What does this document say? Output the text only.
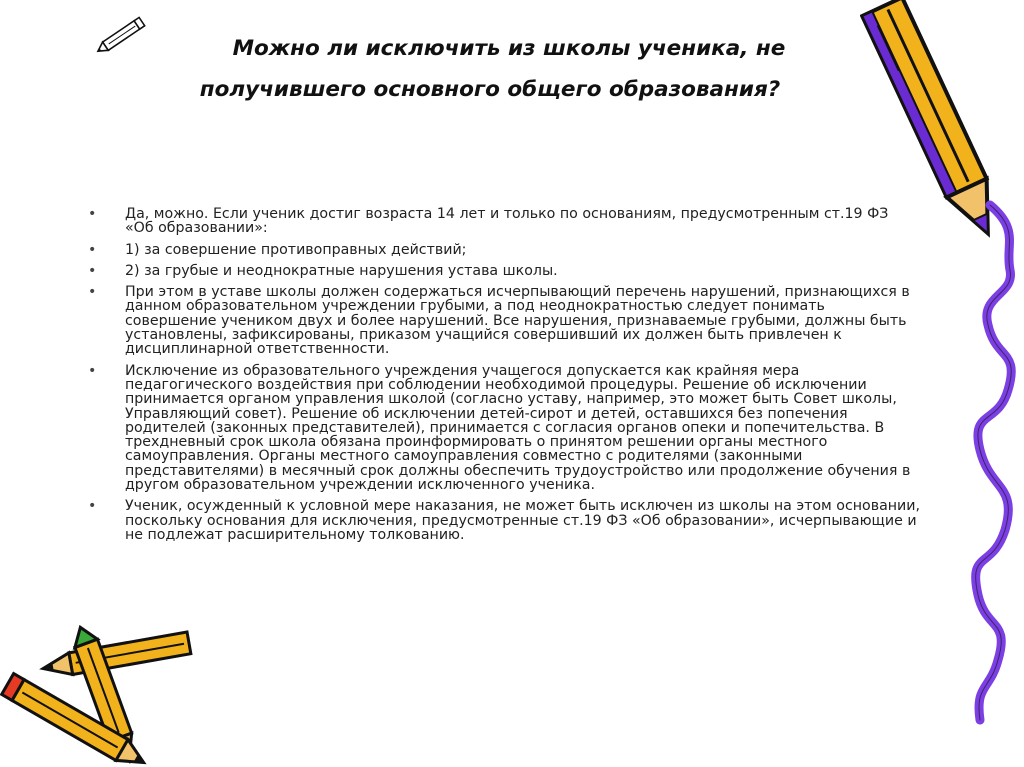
Можно ли исключить из школы ученика, не
получившего основного общего образования?
• Да, можно. Если ученик достиг возраста 14 лет и только по основаниям, предусмотренным ст.19 ФЗ «Об образовании»:
• 1) за совершение противоправных действий;
• 2) за грубые и неоднократные нарушения устава школы.
• При этом в уставе школы должен содержаться исчерпывающий перечень нарушений, признающихся в данном образовательном учреждении грубыми, а под неоднократностью следует понимать совершение учеником двух и более нарушений. Все нарушения, признаваемые грубыми, должны быть установлены, зафиксированы, приказом учащийся совершивший их должен быть привлечен к дисциплинарной ответственности.
• Исключение из образовательного учреждения учащегося допускается как крайняя мера педагогического воздействия при соблюдении необходимой процедуры. Решение об исключении принимается органом управления школой (согласно уставу, например, это может быть Совет школы, Управляющий совет). Решение об исключении детей-сирот и детей, оставшихся без попечения родителей (законных представителей), принимается с согласия органов опеки и попечительства. В трехдневный срок школа обязана проинформировать о принятом решении органы местного самоуправления. Органы местного самоуправления совместно с родителями (законными представителями) в месячный срок должны обеспечить трудоустройство или продолжение обучения в другом образовательном учреждении исключенного ученика.
• Ученик, осужденный к условной мере наказания, не может быть исключен из школы на этом основании, поскольку основания для исключения, предусмотренные ст.19 ФЗ «Об образовании», исчерпывающие и не подлежат расширительному толкованию.
